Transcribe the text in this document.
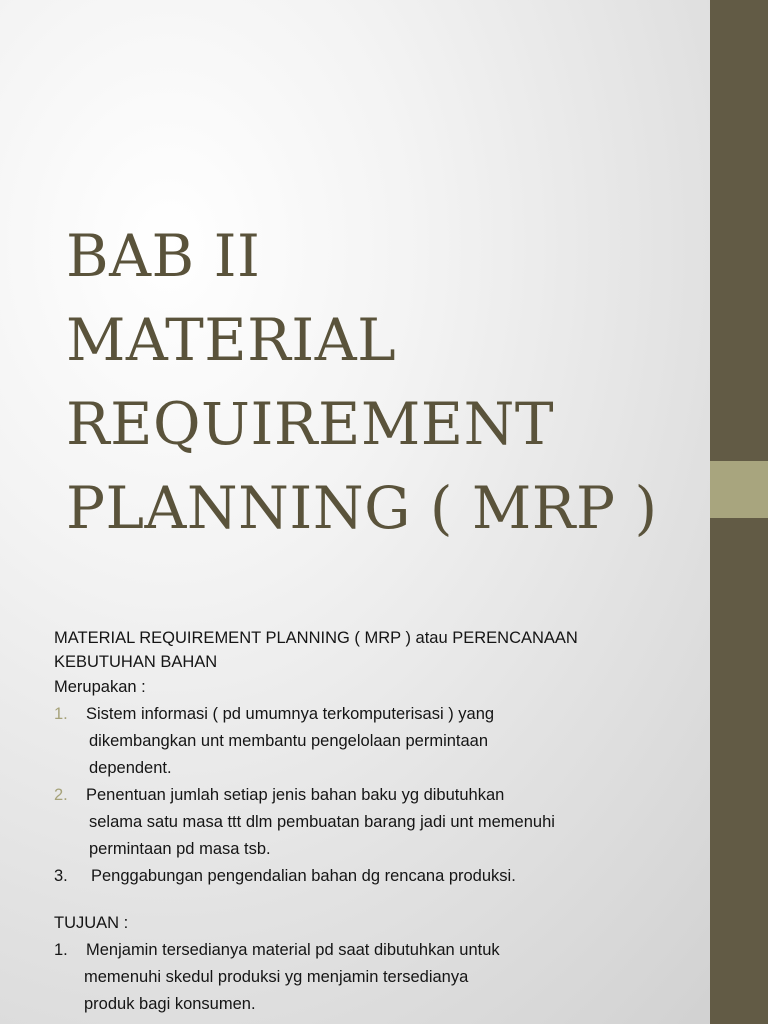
BAB II
MATERIAL
REQUIREMENT
PLANNING ( MRP )
MATERIAL REQUIREMENT PLANNING ( MRP ) atau PERENCANAAN
KEBUTUHAN BAHAN
Merupakan :
1. Sistem informasi ( pd umumnya terkomputerisasi ) yang
dikembangkan unt membantu pengelolaan permintaan
dependent.
2. Penentuan jumlah setiap jenis bahan baku yg dibutuhkan
selama satu masa ttt dlm pembuatan barang jadi unt memenuhi
permintaan pd masa tsb.
3. Penggabungan pengendalian bahan dg rencana produksi.
TUJUAN :
1. Menjamin tersedianya material pd saat dibutuhkan untuk
memenuhi skedul produksi yg menjamin tersedianya
produk bagi konsumen.
